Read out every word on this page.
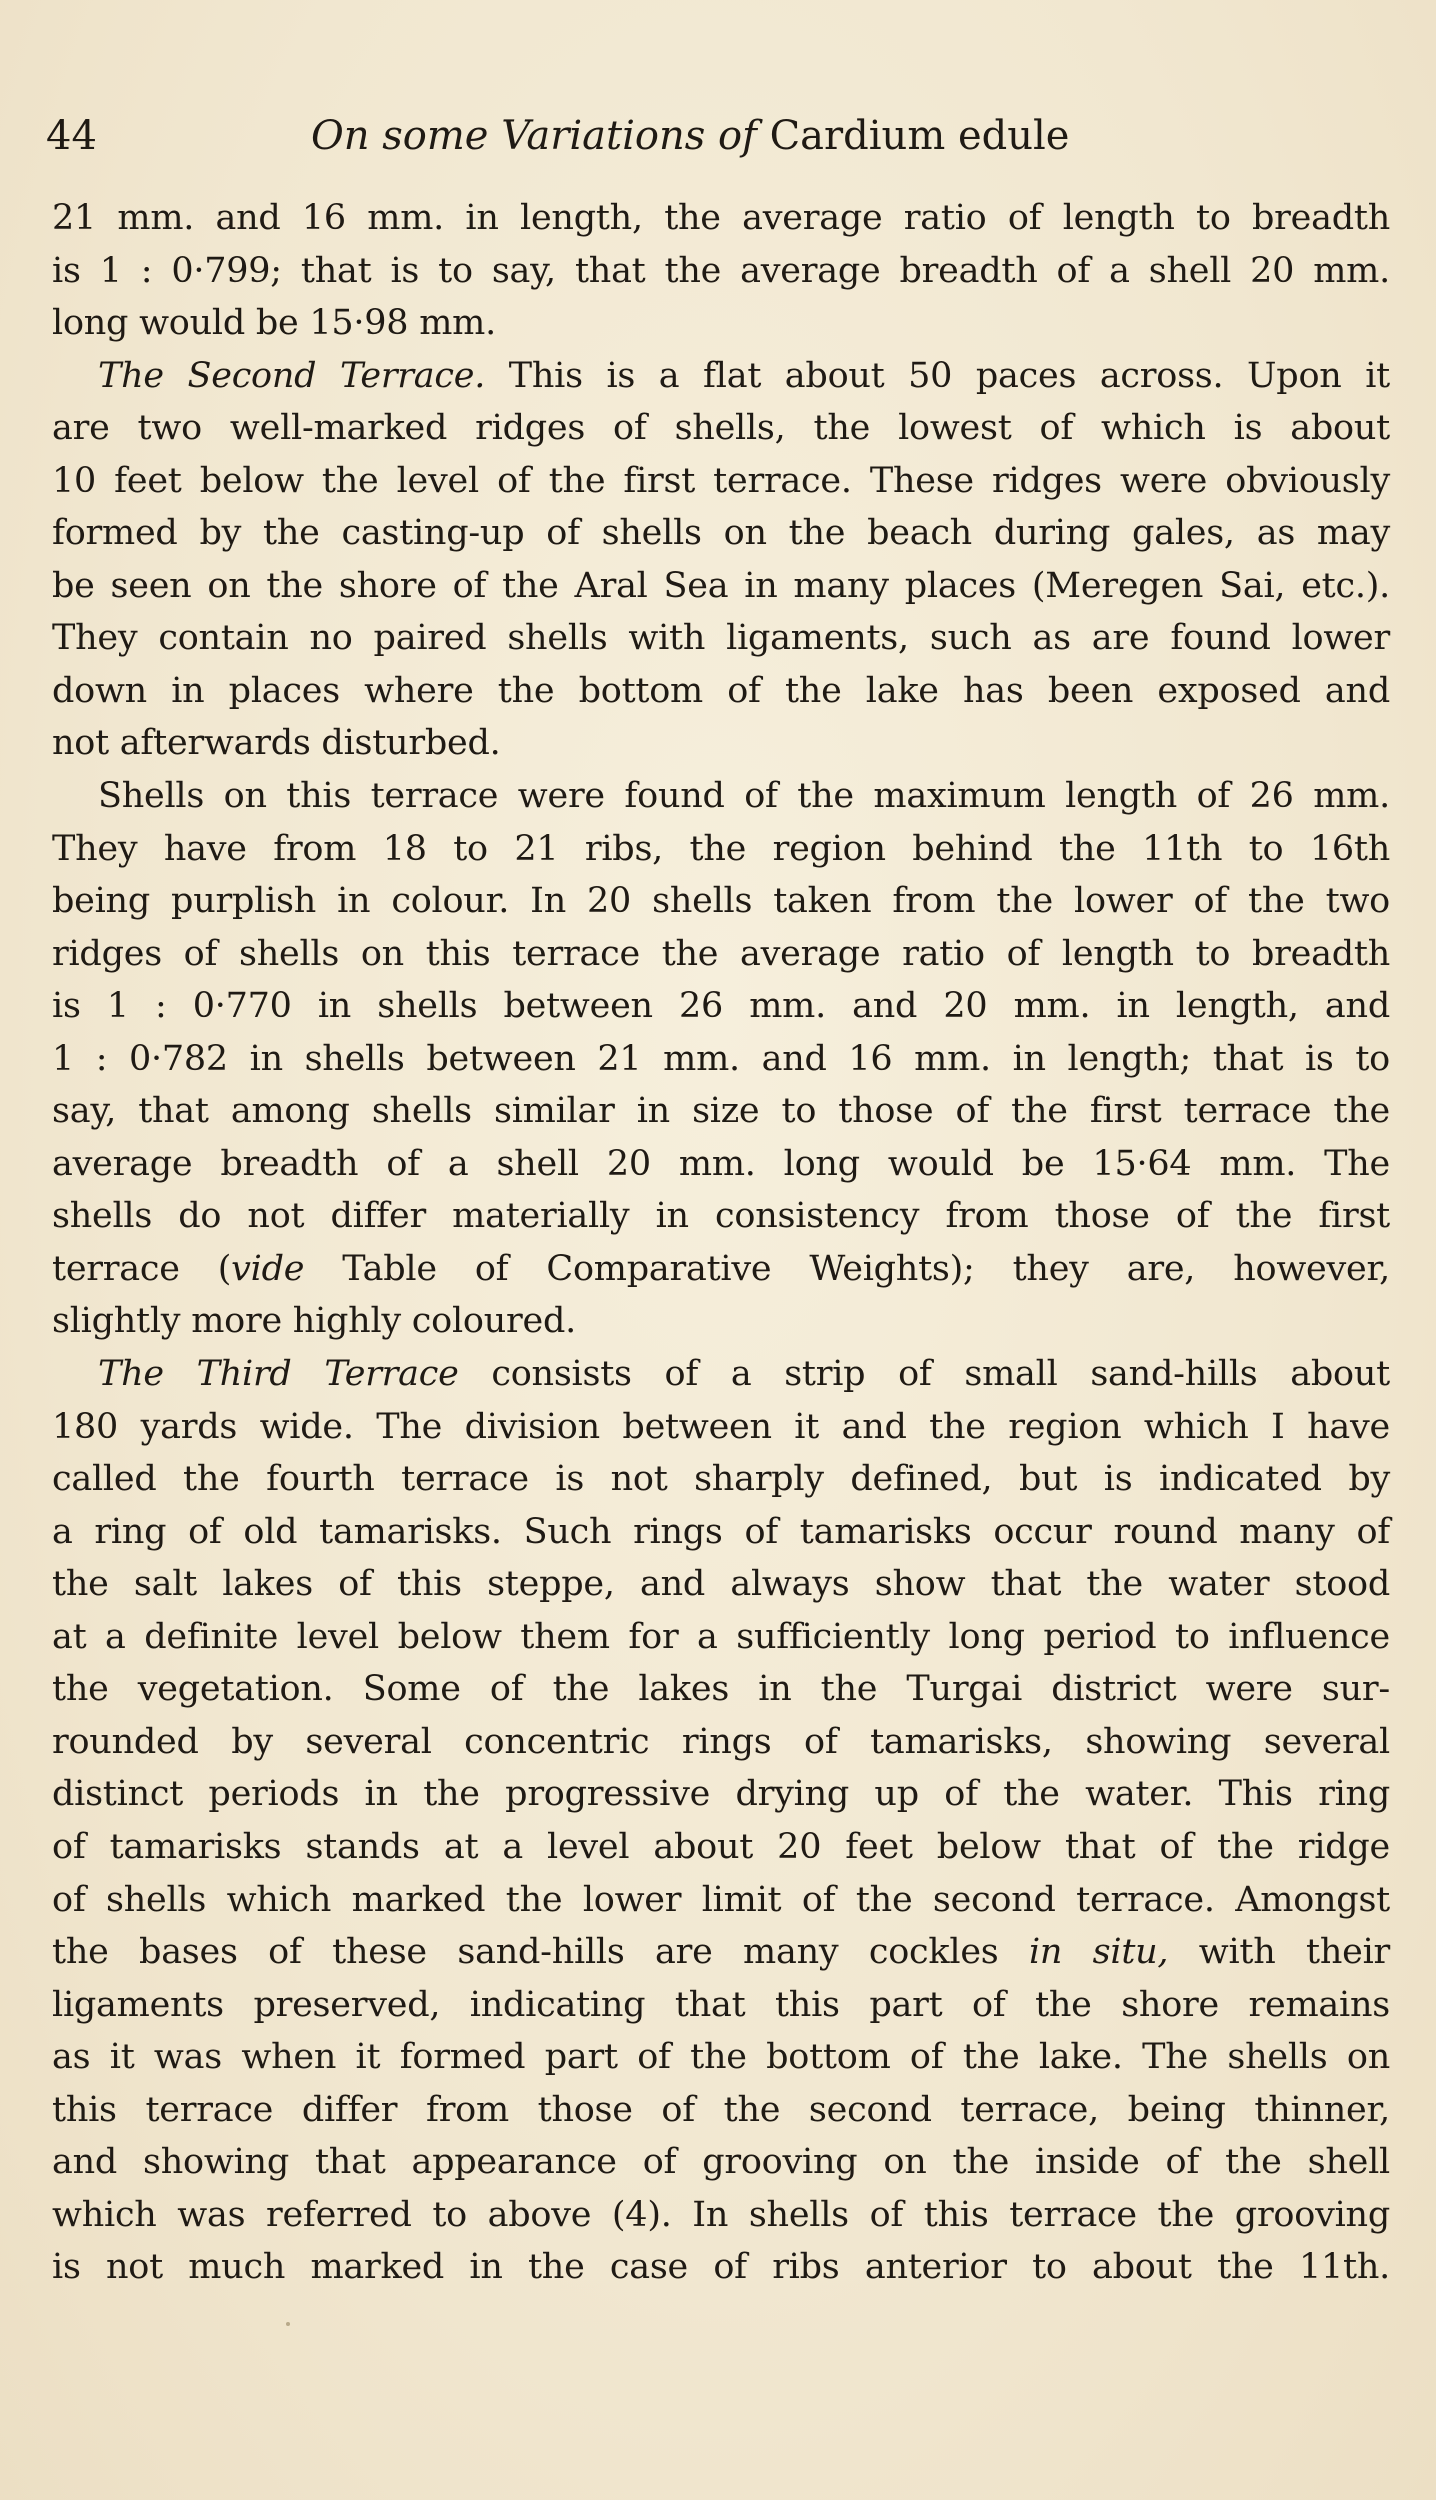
44	On some Variations of Cardium edule
21 mm. and 16 mm. in length, the average ratio of length to breadth
is 1 : 0·799; that is to say, that the average breadth of a shell 20 mm.
long would be 15·98 mm.
The Second Terrace. This is a flat about 50 paces across. Upon it
are two well-marked ridges of shells, the lowest of which is about
10 feet below the level of the first terrace. These ridges were obviously
formed by the casting-up of shells on the beach during gales, as may
be seen on the shore of the Aral Sea in many places (Meregen Sai, etc.).
They contain no paired shells with ligaments, such as are found lower
down in places where the bottom of the lake has been exposed and
not afterwards disturbed.
Shells on this terrace were found of the maximum length of 26 mm.
They have from 18 to 21 ribs, the region behind the 11th to 16th
being purplish in colour. In 20 shells taken from the lower of the two
ridges of shells on this terrace the average ratio of length to breadth
is 1 : 0·770 in shells between 26 mm. and 20 mm. in length, and
1 : 0·782 in shells between 21 mm. and 16 mm. in length; that is to
say, that among shells similar in size to those of the first terrace the
average breadth of a shell 20 mm. long would be 15·64 mm. The
shells do not differ materially in consistency from those of the first
terrace (vide Table of Comparative Weights); they are, however,
slightly more highly coloured.
The Third Terrace consists of a strip of small sand-hills about
180 yards wide. The division between it and the region which I have
called the fourth terrace is not sharply defined, but is indicated by
a ring of old tamarisks. Such rings of tamarisks occur round many of
the salt lakes of this steppe, and always show that the water stood
at a definite level below them for a sufficiently long period to influence
the vegetation. Some of the lakes in the Turgai district were sur-
rounded by several concentric rings of tamarisks, showing several
distinct periods in the progressive drying up of the water. This ring
of tamarisks stands at a level about 20 feet below that of the ridge
of shells which marked the lower limit of the second terrace. Amongst
the bases of these sand-hills are many cockles in situ, with their
ligaments preserved, indicating that this part of the shore remains
as it was when it formed part of the bottom of the lake. The shells on
this terrace differ from those of the second terrace, being thinner,
and showing that appearance of grooving on the inside of the shell
which was referred to above (4). In shells of this terrace the grooving
is not much marked in the case of ribs anterior to about the 11th.
